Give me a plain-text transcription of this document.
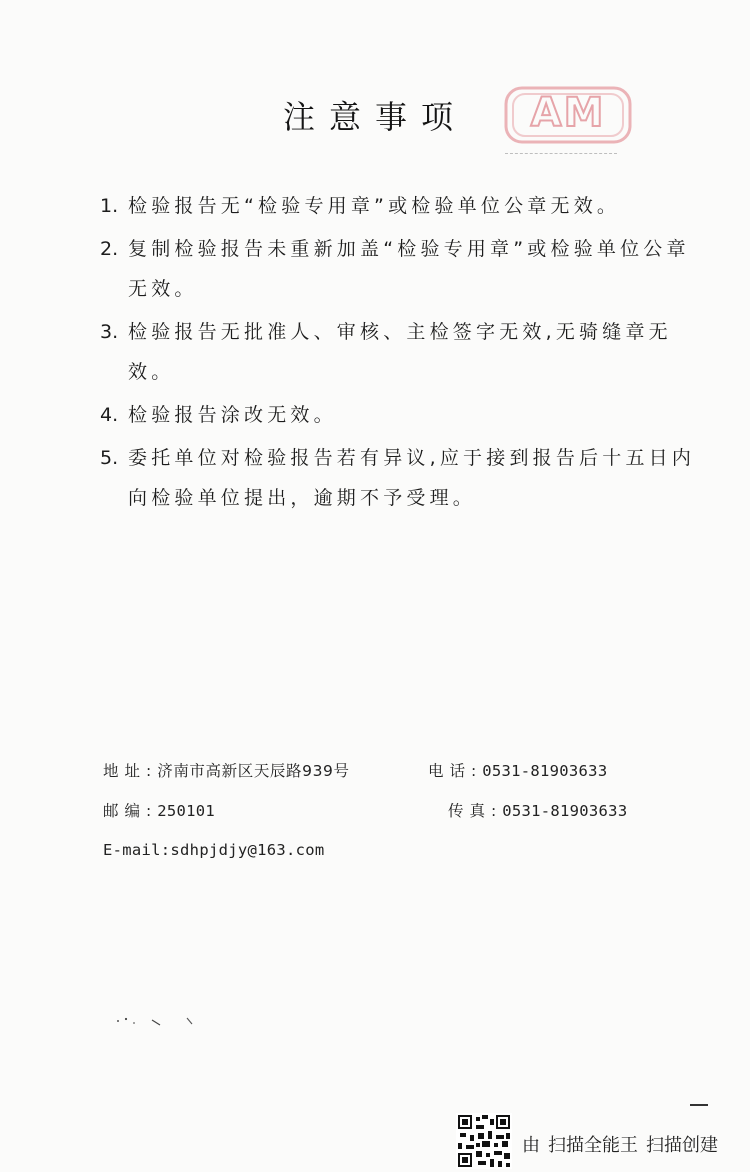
注意事项	AM
1. 检验报告无“检验专用章”或检验单位公章无效。
2. 复制检验报告未重新加盖“检验专用章”或检验单位公章无效。
3. 检验报告无批准人、审核、主检签字无效,无骑缝章无效。
4. 检验报告涂改无效。
5. 委托单位对检验报告若有异议,应于接到报告后十五日内向检验单位提出，逾期不予受理。
地址:济南市高新区天辰路939号	电话:0531-81903633
邮编:250101	传真:0531-81903633
E-mail:sdhpjdjy@163.com
由 扫描全能王 扫描创建
